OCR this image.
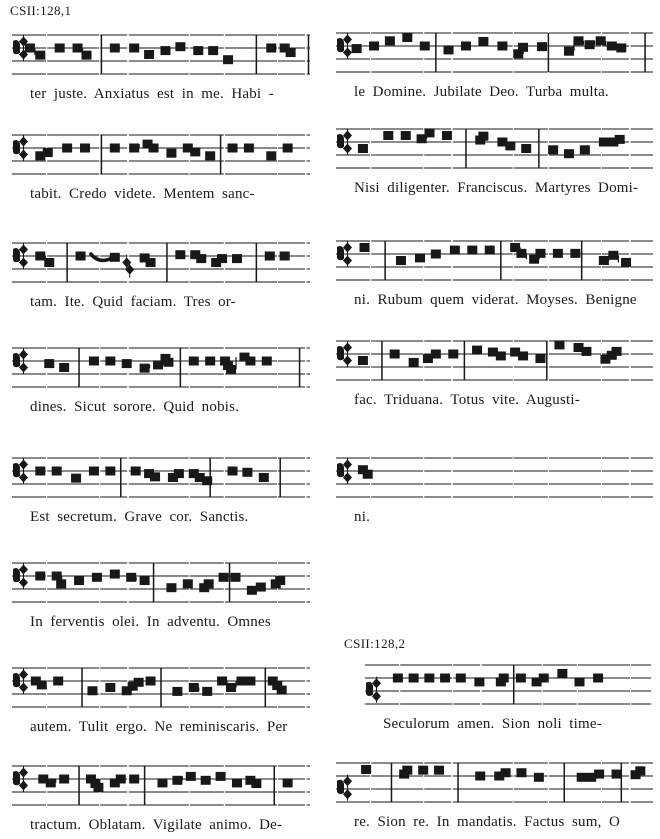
CSII:128,1
CSII:128,2
ter juste. Anxiatus est in me. Habi -	le Domine. Jubilate Deo. Turba multa.
tabit. Credo videte. Mentem sanc-	Nisi diligenter. Franciscus. Martyres Domi-
tam. Ite. Quid faciam. Tres or-	ni. Rubum quem viderat. Moyses. Benigne
dines. Sicut sorore. Quid nobis.	fac. Triduana. Totus vite. Augusti-
Est secretum. Grave cor. Sanctis.	ni.
In ferventis olei. In adventu. Omnes
autem. Tulit ergo. Ne reminiscaris. Per	Seculorum amen. Sion noli time-
tractum. Oblatam. Vigilate animo. De-	re. Sion re. In mandatis. Factus sum, O
